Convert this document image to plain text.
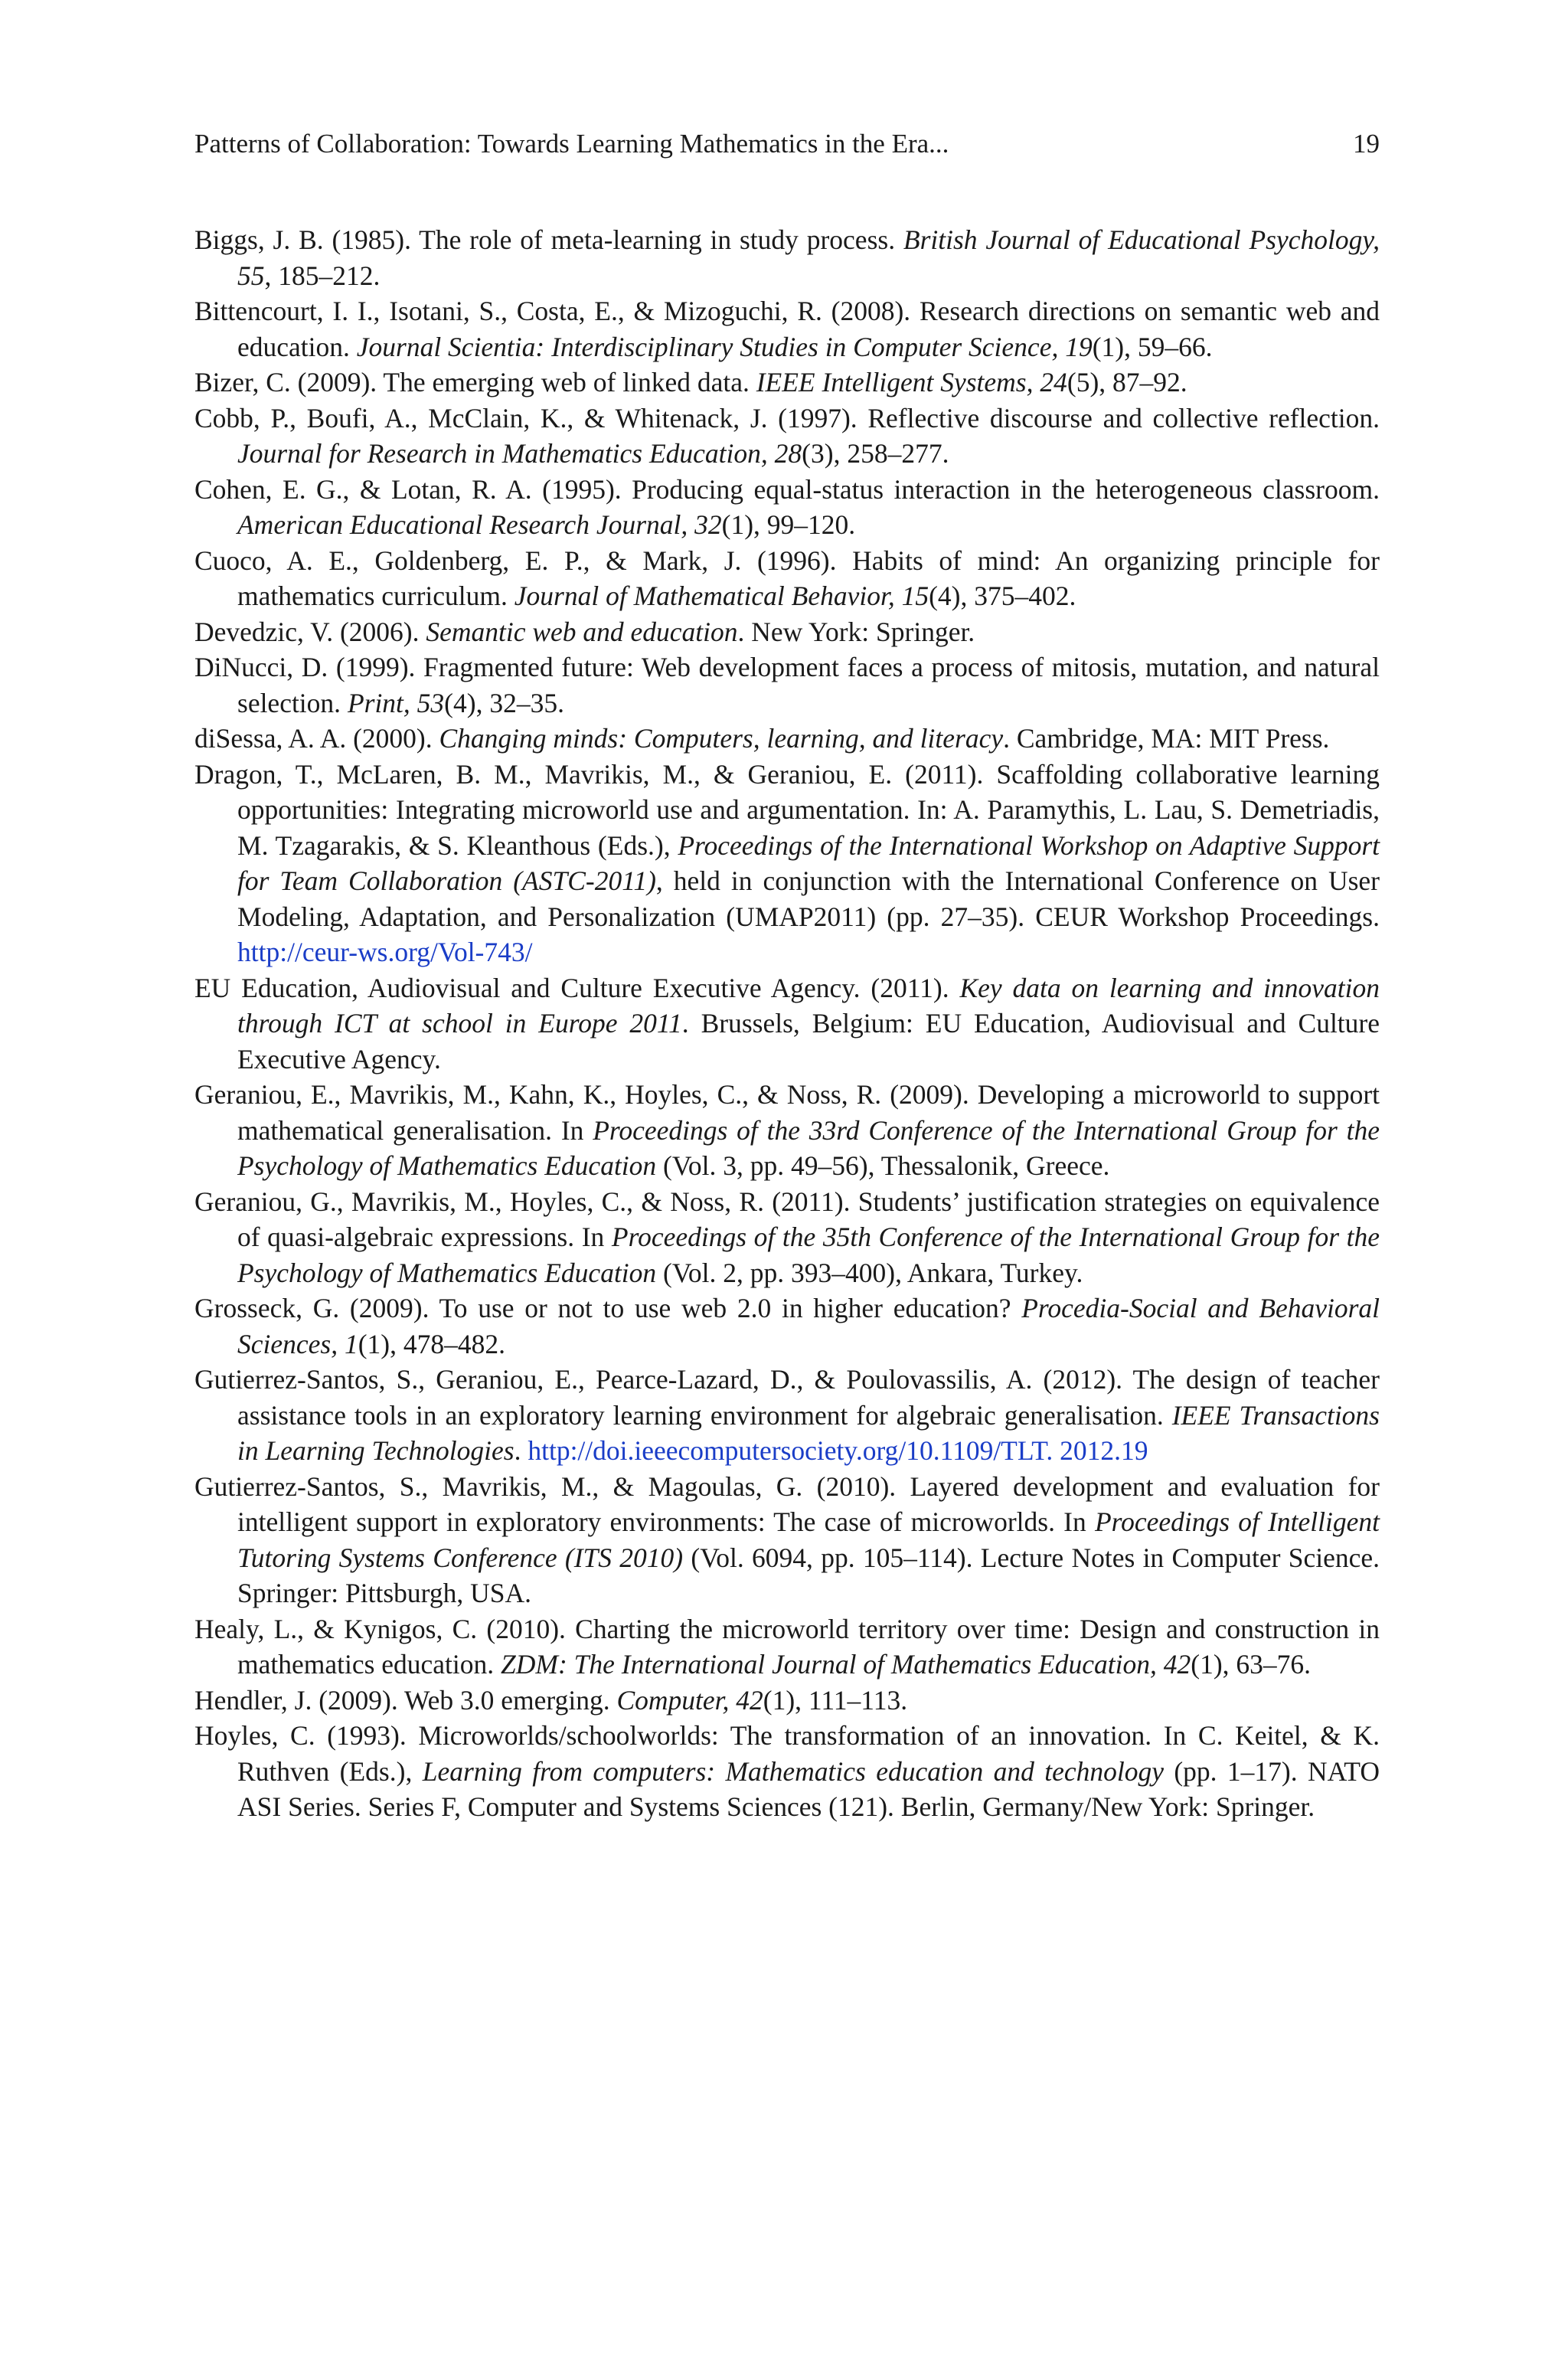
Patterns of Collaboration: Towards Learning Mathematics in the Era...	19

Biggs, J. B. (1985). The role of meta-learning in study process. British Journal of Educational Psychology, 55, 185–212.

Bittencourt, I. I., Isotani, S., Costa, E., & Mizoguchi, R. (2008). Research directions on semantic web and education. Journal Scientia: Interdisciplinary Studies in Computer Science, 19(1), 59–66.

Bizer, C. (2009). The emerging web of linked data. IEEE Intelligent Systems, 24(5), 87–92.

Cobb, P., Boufi, A., McClain, K., & Whitenack, J. (1997). Reflective discourse and collective reflection. Journal for Research in Mathematics Education, 28(3), 258–277.

Cohen, E. G., & Lotan, R. A. (1995). Producing equal-status interaction in the heterogeneous classroom. American Educational Research Journal, 32(1), 99–120.

Cuoco, A. E., Goldenberg, E. P., & Mark, J. (1996). Habits of mind: An organizing principle for mathematics curriculum. Journal of Mathematical Behavior, 15(4), 375–402.

Devedzic, V. (2006). Semantic web and education. New York: Springer.

DiNucci, D. (1999). Fragmented future: Web development faces a process of mitosis, mutation, and natural selection. Print, 53(4), 32–35.

diSessa, A. A. (2000). Changing minds: Computers, learning, and literacy. Cambridge, MA: MIT Press.

Dragon, T., McLaren, B. M., Mavrikis, M., & Geraniou, E. (2011). Scaffolding collaborative learning opportunities: Integrating microworld use and argumentation. In: A. Paramythis, L. Lau, S. Demetriadis, M. Tzagarakis, & S. Kleanthous (Eds.), Proceedings of the International Workshop on Adaptive Support for Team Collaboration (ASTC-2011), held in conjunction with the International Conference on User Modeling, Adaptation, and Personalization (UMAP2011) (pp. 27–35). CEUR Workshop Proceedings. http://ceur-ws.org/Vol-743/

EU Education, Audiovisual and Culture Executive Agency. (2011). Key data on learning and innovation through ICT at school in Europe 2011. Brussels, Belgium: EU Education, Audiovisual and Culture Executive Agency.

Geraniou, E., Mavrikis, M., Kahn, K., Hoyles, C., & Noss, R. (2009). Developing a microworld to support mathematical generalisation. In Proceedings of the 33rd Conference of the International Group for the Psychology of Mathematics Education (Vol. 3, pp. 49–56), Thessalonik, Greece.

Geraniou, G., Mavrikis, M., Hoyles, C., & Noss, R. (2011). Students’ justification strategies on equivalence of quasi-algebraic expressions. In Proceedings of the 35th Conference of the International Group for the Psychology of Mathematics Education (Vol. 2, pp. 393–400), Ankara, Turkey.

Grosseck, G. (2009). To use or not to use web 2.0 in higher education? Procedia-Social and Behavioral Sciences, 1(1), 478–482.

Gutierrez-Santos, S., Geraniou, E., Pearce-Lazard, D., & Poulovassilis, A. (2012). The design of teacher assistance tools in an exploratory learning environment for algebraic generalisation. IEEE Transactions in Learning Technologies. http://doi.ieeecomputersociety.org/10.1109/TLT. 2012.19

Gutierrez-Santos, S., Mavrikis, M., & Magoulas, G. (2010). Layered development and evaluation for intelligent support in exploratory environments: The case of microworlds. In Proceedings of Intelligent Tutoring Systems Conference (ITS 2010) (Vol. 6094, pp. 105–114). Lecture Notes in Computer Science. Springer: Pittsburgh, USA.

Healy, L., & Kynigos, C. (2010). Charting the microworld territory over time: Design and construction in mathematics education. ZDM: The International Journal of Mathematics Education, 42(1), 63–76.

Hendler, J. (2009). Web 3.0 emerging. Computer, 42(1), 111–113.

Hoyles, C. (1993). Microworlds/schoolworlds: The transformation of an innovation. In C. Keitel, & K. Ruthven (Eds.), Learning from computers: Mathematics education and technology (pp. 1–17). NATO ASI Series. Series F, Computer and Systems Sciences (121). Berlin, Germany/New York: Springer.
